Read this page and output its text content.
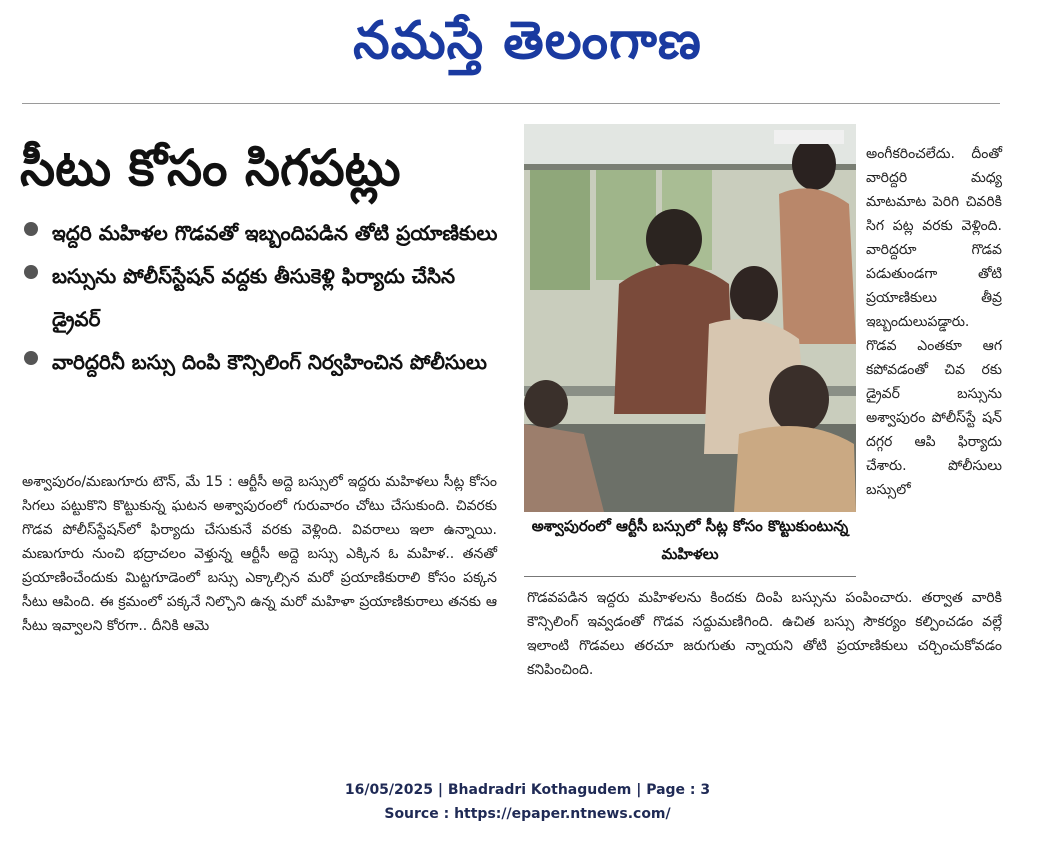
నమస్తే తెలంగాణ
సీటు కోసం సిగపట్లు
ఇద్దరి మహిళల గొడవతో ఇబ్బందిపడిన తోటి ప్రయాణికులు
బస్సును పోలీస్‌స్టేషన్ వద్దకు తీసుకెళ్లి ఫిర్యాదు చేసిన డ్రైవర్
వారిద్దరినీ బస్సు దింపి కౌన్సిలింగ్ నిర్వహించిన పోలీసులు
అశ్వాపురంలో ఆర్టీసీ బస్సులో సీట్ల కోసం కొట్టుకుంటున్న మహిళలు
అశ్వాపురం/మణుగూరు టౌన్, మే 15 : ఆర్టీసీ అద్దె బస్సులో ఇద్దరు మహిళలు సీట్ల కోసం సిగలు పట్టుకొని కొట్టుకున్న ఘటన అశ్వాపురంలో గురువారం చోటు చేసుకుంది. చివరకు గొడవ పోలీస్‌స్టేషన్‌లో ఫిర్యాదు చేసుకునే వరకు వెళ్లింది. వివరాలు ఇలా ఉన్నాయి. మణుగూరు నుంచి భద్రాచలం వెళ్తున్న ఆర్టీసీ అద్దె బస్సు ఎక్కిన ఓ మహిళ.. తనతో ప్రయాణించేందుకు మిట్టగూడెంలో బస్సు ఎక్కాల్సిన మరో ప్రయాణికురాలి కోసం పక్కన సీటు ఆపింది. ఈ క్రమంలో పక్కనే నిల్చొని ఉన్న మరో మహిళా ప్రయాణికురాలు తనకు ఆ సీటు ఇవ్వాలని కోరగా.. దీనికి ఆమె
అంగీకరించలేదు. దీంతో వారిద్దరి మధ్య మాటమాట పెరిగి చివరికి సిగ పట్ల వరకు వెళ్లింది. వారిద్దరూ గొడవ పడుతుండగా తోటి ప్రయాణికులు తీవ్ర ఇబ్బందులుపడ్డారు. గొడవ ఎంతకూ ఆగ కపోవడంతో చివ రకు డ్రైవర్ బస్సును అశ్వాపురం పోలీస్‌స్టే షన్ దగ్గర ఆపి ఫిర్యాదు చేశారు. పోలీసులు బస్సులో
గొడవపడిన ఇద్దరు మహిళలను కిందకు దింపి బస్సును పంపించారు. తర్వాత వారికి కౌన్సిలింగ్ ఇవ్వడంతో గొడవ సద్దుమణిగింది. ఉచిత బస్సు సౌకర్యం కల్పించడం వల్లే ఇలాంటి గొడవలు తరచూ జరుగుతు న్నాయని తోటి ప్రయాణికులు చర్చించుకోవడం కనిపించింది.
16/05/2025 | Bhadradri Kothagudem | Page : 3
Source : https://epaper.ntnews.com/
